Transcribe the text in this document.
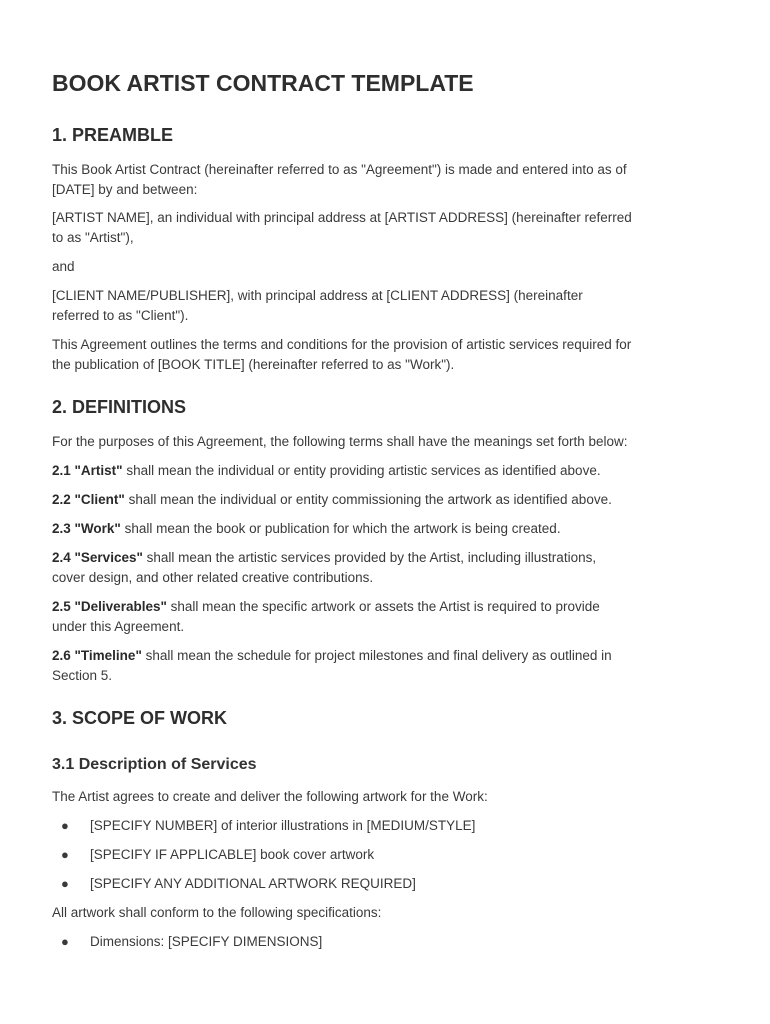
BOOK ARTIST CONTRACT TEMPLATE
1. PREAMBLE

This Book Artist Contract (hereinafter referred to as "Agreement") is made and entered into as of
[DATE] by and between:

[ARTIST NAME], an individual with principal address at [ARTIST ADDRESS] (hereinafter referred
to as "Artist"),

and

[CLIENT NAME/PUBLISHER], with principal address at [CLIENT ADDRESS] (hereinafter
referred to as "Client").

This Agreement outlines the terms and conditions for the provision of artistic services required for
the publication of [BOOK TITLE] (hereinafter referred to as "Work").

2. DEFINITIONS

For the purposes of this Agreement, the following terms shall have the meanings set forth below:

2.1 "Artist" shall mean the individual or entity providing artistic services as identified above.

2.2 "Client" shall mean the individual or entity commissioning the artwork as identified above.

2.3 "Work" shall mean the book or publication for which the artwork is being created.

2.4 "Services" shall mean the artistic services provided by the Artist, including illustrations,
cover design, and other related creative contributions.

2.5 "Deliverables" shall mean the specific artwork or assets the Artist is required to provide
under this Agreement.

2.6 "Timeline" shall mean the schedule for project milestones and final delivery as outlined in
Section 5.

3. SCOPE OF WORK
3.1 Description of Services

The Artist agrees to create and deliver the following artwork for the Work:

● [SPECIFY NUMBER] of interior illustrations in [MEDIUM/STYLE]
● [SPECIFY IF APPLICABLE] book cover artwork
● [SPECIFY ANY ADDITIONAL ARTWORK REQUIRED]

All artwork shall conform to the following specifications:

● Dimensions: [SPECIFY DIMENSIONS]
